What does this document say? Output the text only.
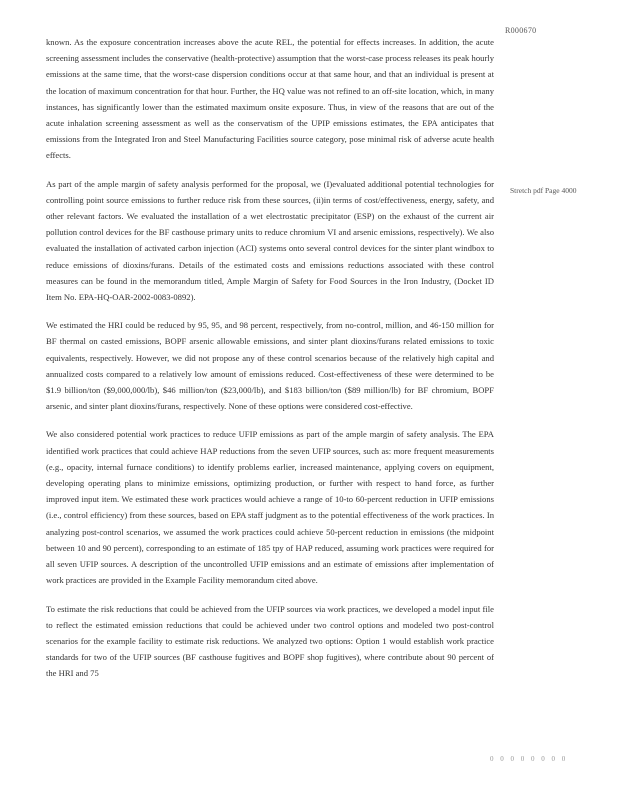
R000670

known. As the exposure concentration increases above the acute REL, the potential for effects increases. In addition, the acute screening assessment includes the conservative (health-protective) assumption that the worst-case process releases its peak hourly emissions at the same time, that the worst-case dispersion conditions occur at that same hour, and that an individual is present at the location of maximum concentration for that hour. Further, the HQ value was not refined to an off-site location, which, in many instances, has significantly lower than the estimated maximum onsite exposure. Thus, in view of the reasons that are out of the acute inhalation screening assessment as well as the conservatism of the UPIP emissions estimates, the EPA anticipates that emissions from the Integrated Iron and Steel Manufacturing Facilities source category, pose minimal risk of adverse acute health effects.

As part of the ample margin of safety analysis performed for the proposal, we (I)evaluated additional potential technologies for controlling point source emissions to further reduce risk from these sources, (ii)in terms of cost/effectiveness, energy, safety, and other relevant factors. We evaluated the installation of a wet electrostatic precipitator (ESP) on the exhaust of the current air pollution control devices for the BF casthouse primary units to reduce chromium VI and arsenic emissions, respectively). We also evaluated the installation of activated carbon injection (ACI) systems onto several control devices for the sinter plant windbox to reduce emissions of dioxins/furans. Details of the estimated costs and emissions reductions associated with these control measures can be found in the memorandum titled, Ample Margin of Safety for Food Sources in the Iron Industry, (Docket ID Item No. EPA-HQ-OAR-2002-0083-0892).

We estimated the HRI could be reduced by 95, 95, and 98 percent, respectively, from no-control, million, and 46-150 million for BF thermal on casted emissions, BOPF arsenic allowable emissions, and sinter plant dioxins/furans related emissions to toxic equivalents, respectively. However, we did not propose any of these control scenarios because of the relatively high capital and annualized costs compared to a relatively low amount of emissions reduced. Cost-effectiveness of these were determined to be $1.9 billion/ton ($9,000,000/lb), $46 million/ton ($23,000/lb), and $183 billion/ton ($89 million/lb) for BF chromium, BOPF arsenic, and sinter plant dioxins/furans, respectively. None of these options were considered cost-effective.

We also considered potential work practices to reduce UFIP emissions as part of the ample margin of safety analysis. The EPA identified work practices that could achieve HAP reductions from the seven UFIP sources, such as: more frequent measurements (e.g., opacity, internal furnace conditions) to identify problems earlier, increased maintenance, applying covers on equipment, developing operating plans to minimize emissions, optimizing production, or further with respect to hand force, as further improved input item. We estimated these work practices would achieve a range of 10-to 60-percent reduction in UFIP emissions (i.e., control efficiency) from these sources, based on EPA staff judgment as to the potential effectiveness of the work practices. In analyzing post-control scenarios, we assumed the work practices could achieve 50-percent reduction in emissions (the midpoint between 10 and 90 percent), corresponding to an estimate of 185 tpy of HAP reduced, assuming work practices were required for all seven UFIP sources. A description of the uncontrolled UFIP emissions and an estimate of emissions after implementation of work practices are provided in the Example Facility memorandum cited above.

To estimate the risk reductions that could be achieved from the UFIP sources via work practices, we developed a model input file to reflect the estimated emission reductions that could be achieved under two control options and modeled two post-control scenarios for the example facility to estimate risk reductions. We analyzed two options: Option 1 would establish work practice standards for two of the UFIP sources (BF casthouse fugitives and BOPF shop fugitives), where contribute about 90 percent of the HRI and 75

Stretch pdf Page 4000
0 0 0 0 0 0 0 0
